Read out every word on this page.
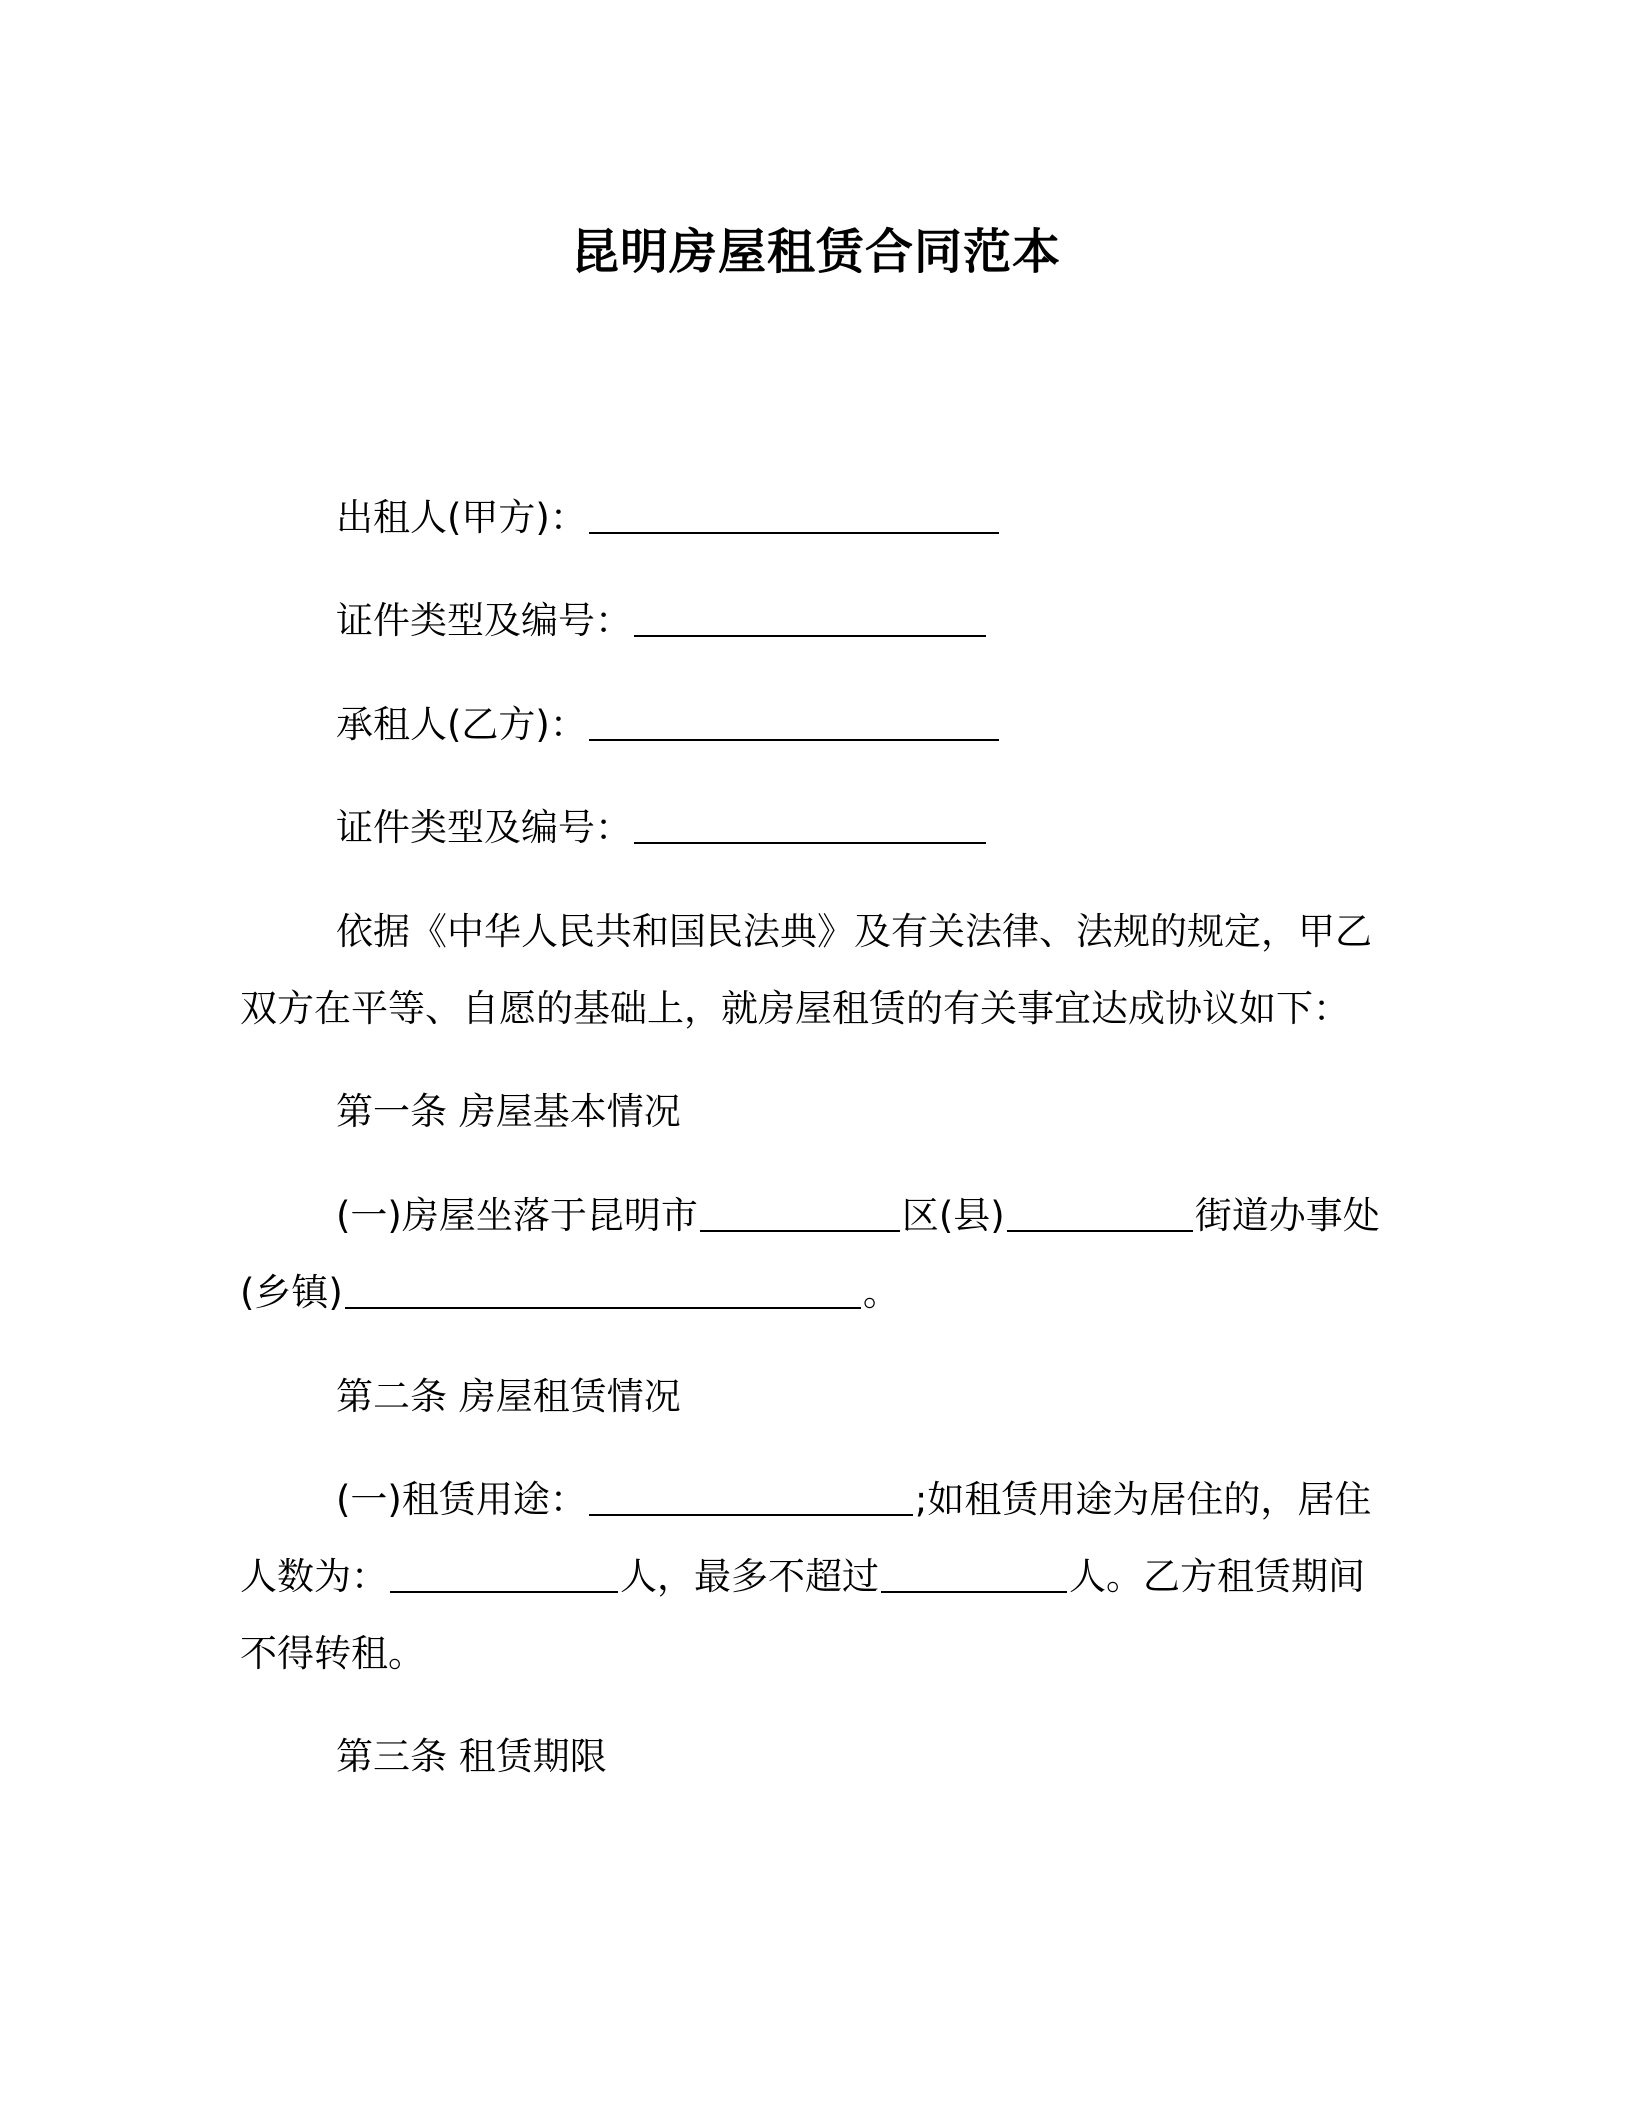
昆明房屋租赁合同范本
出租人(甲方)：
证件类型及编号：
承租人(乙方)：
证件类型及编号：
依据《中华人民共和国民法典》及有关法律、法规的规定，甲乙
双方在平等、自愿的基础上，就房屋租赁的有关事宜达成协议如下：
第一条 房屋基本情况
(一)房屋坐落于昆明市	区(县)	街道办事处
(乡镇)	。
第二条 房屋租赁情况
(一)租赁用途：	;如租赁用途为居住的，居住
人数为：	人，最多不超过	人。乙方租赁期间
不得转租。
第三条 租赁期限
